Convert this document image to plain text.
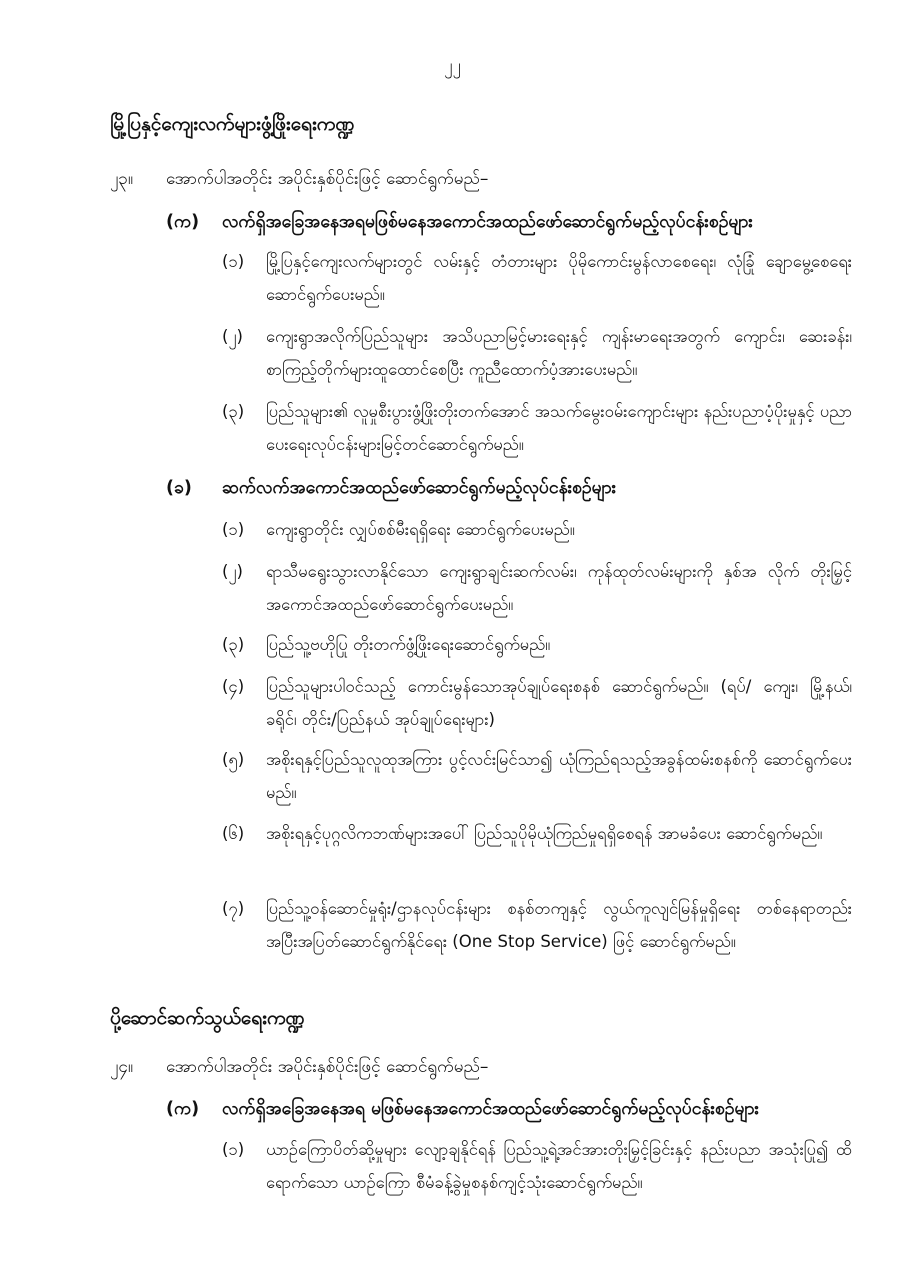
၂၂
မြို့ပြနှင့်ကျေးလက်များဖွံ့ဖြိုးရေးကဏ္ဍ
၂၃။ အောက်ပါအတိုင်း အပိုင်းနှစ်ပိုင်းဖြင့် ဆောင်ရွက်မည်–
(က) လက်ရှိအခြေအနေအရမဖြစ်မနေအကောင်အထည်ဖော်ဆောင်ရွက်မည့်လုပ်ငန်းစဉ်များ
(၁) မြို့ပြနှင့်ကျေးလက်များတွင် လမ်းနှင့် တံတားများ ပိုမိုကောင်းမွန်လာစေရေး၊ လုံခြုံ ချောမွေ့စေရေး ဆောင်ရွက်ပေးမည်။
(၂) ကျေးရွာအလိုက်ပြည်သူများ အသိပညာမြင့်မားရေးနှင့် ကျန်းမာရေးအတွက် ကျောင်း၊ ဆေးခန်း၊ စာကြည့်တိုက်များထူထောင်စေပြီး ကူညီထောက်ပံ့အားပေးမည်။
(၃) ပြည်သူများ၏ လူမှုစီးပွားဖွံ့ဖြိုးတိုးတက်အောင် အသက်မွေးဝမ်းကျောင်းများ နည်းပညာပံ့ပိုးမှုနှင့် ပညာပေးရေးလုပ်ငန်းများမြင့်တင်ဆောင်ရွက်မည်။
(ခ) ဆက်လက်အကောင်အထည်ဖော်ဆောင်ရွက်မည့်လုပ်ငန်းစဉ်များ
(၁) ကျေးရွာတိုင်း လျှပ်စစ်မီးရရှိရေး ဆောင်ရွက်ပေးမည်။
(၂) ရာသီမရွေးသွားလာနိုင်သော ကျေးရွာချင်းဆက်လမ်း၊ ကုန်ထုတ်လမ်းများကို နှစ်အ လိုက် တိုးမြှင့်အကောင်အထည်ဖော်ဆောင်ရွက်ပေးမည်။
(၃) ပြည်သူ့ဗဟိုပြု တိုးတက်ဖွံ့ဖြိုးရေးဆောင်ရွက်မည်။
(၄) ပြည်သူများပါဝင်သည့် ကောင်းမွန်သောအုပ်ချုပ်ရေးစနစ် ဆောင်ရွက်မည်။ (ရပ်/ ကျေး၊ မြို့နယ်၊ ခရိုင်၊ တိုင်း/ပြည်နယ် အုပ်ချုပ်ရေးများ)
(၅) အစိုးရနှင့်ပြည်သူလူထုအကြား ပွင့်လင်းမြင်သာ၍ ယုံကြည်ရသည့်အခွန်ထမ်းစနစ်ကို ဆောင်ရွက်ပေးမည်။
(၆) အစိုးရနှင့်ပုဂ္ဂလိကဘဏ်များအပေါ် ပြည်သူပိုမိုယုံကြည်မှုရရှိစေရန် အာမခံပေး ဆောင်ရွက်မည်။
(၇) ပြည်သူ့ဝန်ဆောင်မှုရုံး/ဌာနလုပ်ငန်းများ စနစ်တကျနှင့် လွယ်ကူလျင်မြန်မှုရှိရေး တစ်နေရာတည်းအပြီးအပြတ်ဆောင်ရွက်နိုင်ရေး (One Stop Service) ဖြင့် ဆောင်ရွက်မည်။
ပို့ဆောင်ဆက်သွယ်ရေးကဏ္ဍ
၂၄။ အောက်ပါအတိုင်း အပိုင်းနှစ်ပိုင်းဖြင့် ဆောင်ရွက်မည်–
(က) လက်ရှိအခြေအနေအရ မဖြစ်မနေအကောင်အထည်ဖော်ဆောင်ရွက်မည့်လုပ်ငန်းစဉ်များ
(၁) ယာဉ်ကြောပိတ်ဆို့မှုများ လျော့ချနိုင်ရန် ပြည်သူ့ရဲ့အင်အားတိုးမြှင့်ခြင်းနှင့် နည်းပညာ အသုံးပြု၍ ထိရောက်သော ယာဉ်ကြော စီမံခန့်ခွဲမှုစနစ်ကျင့်သုံးဆောင်ရွက်မည်။
